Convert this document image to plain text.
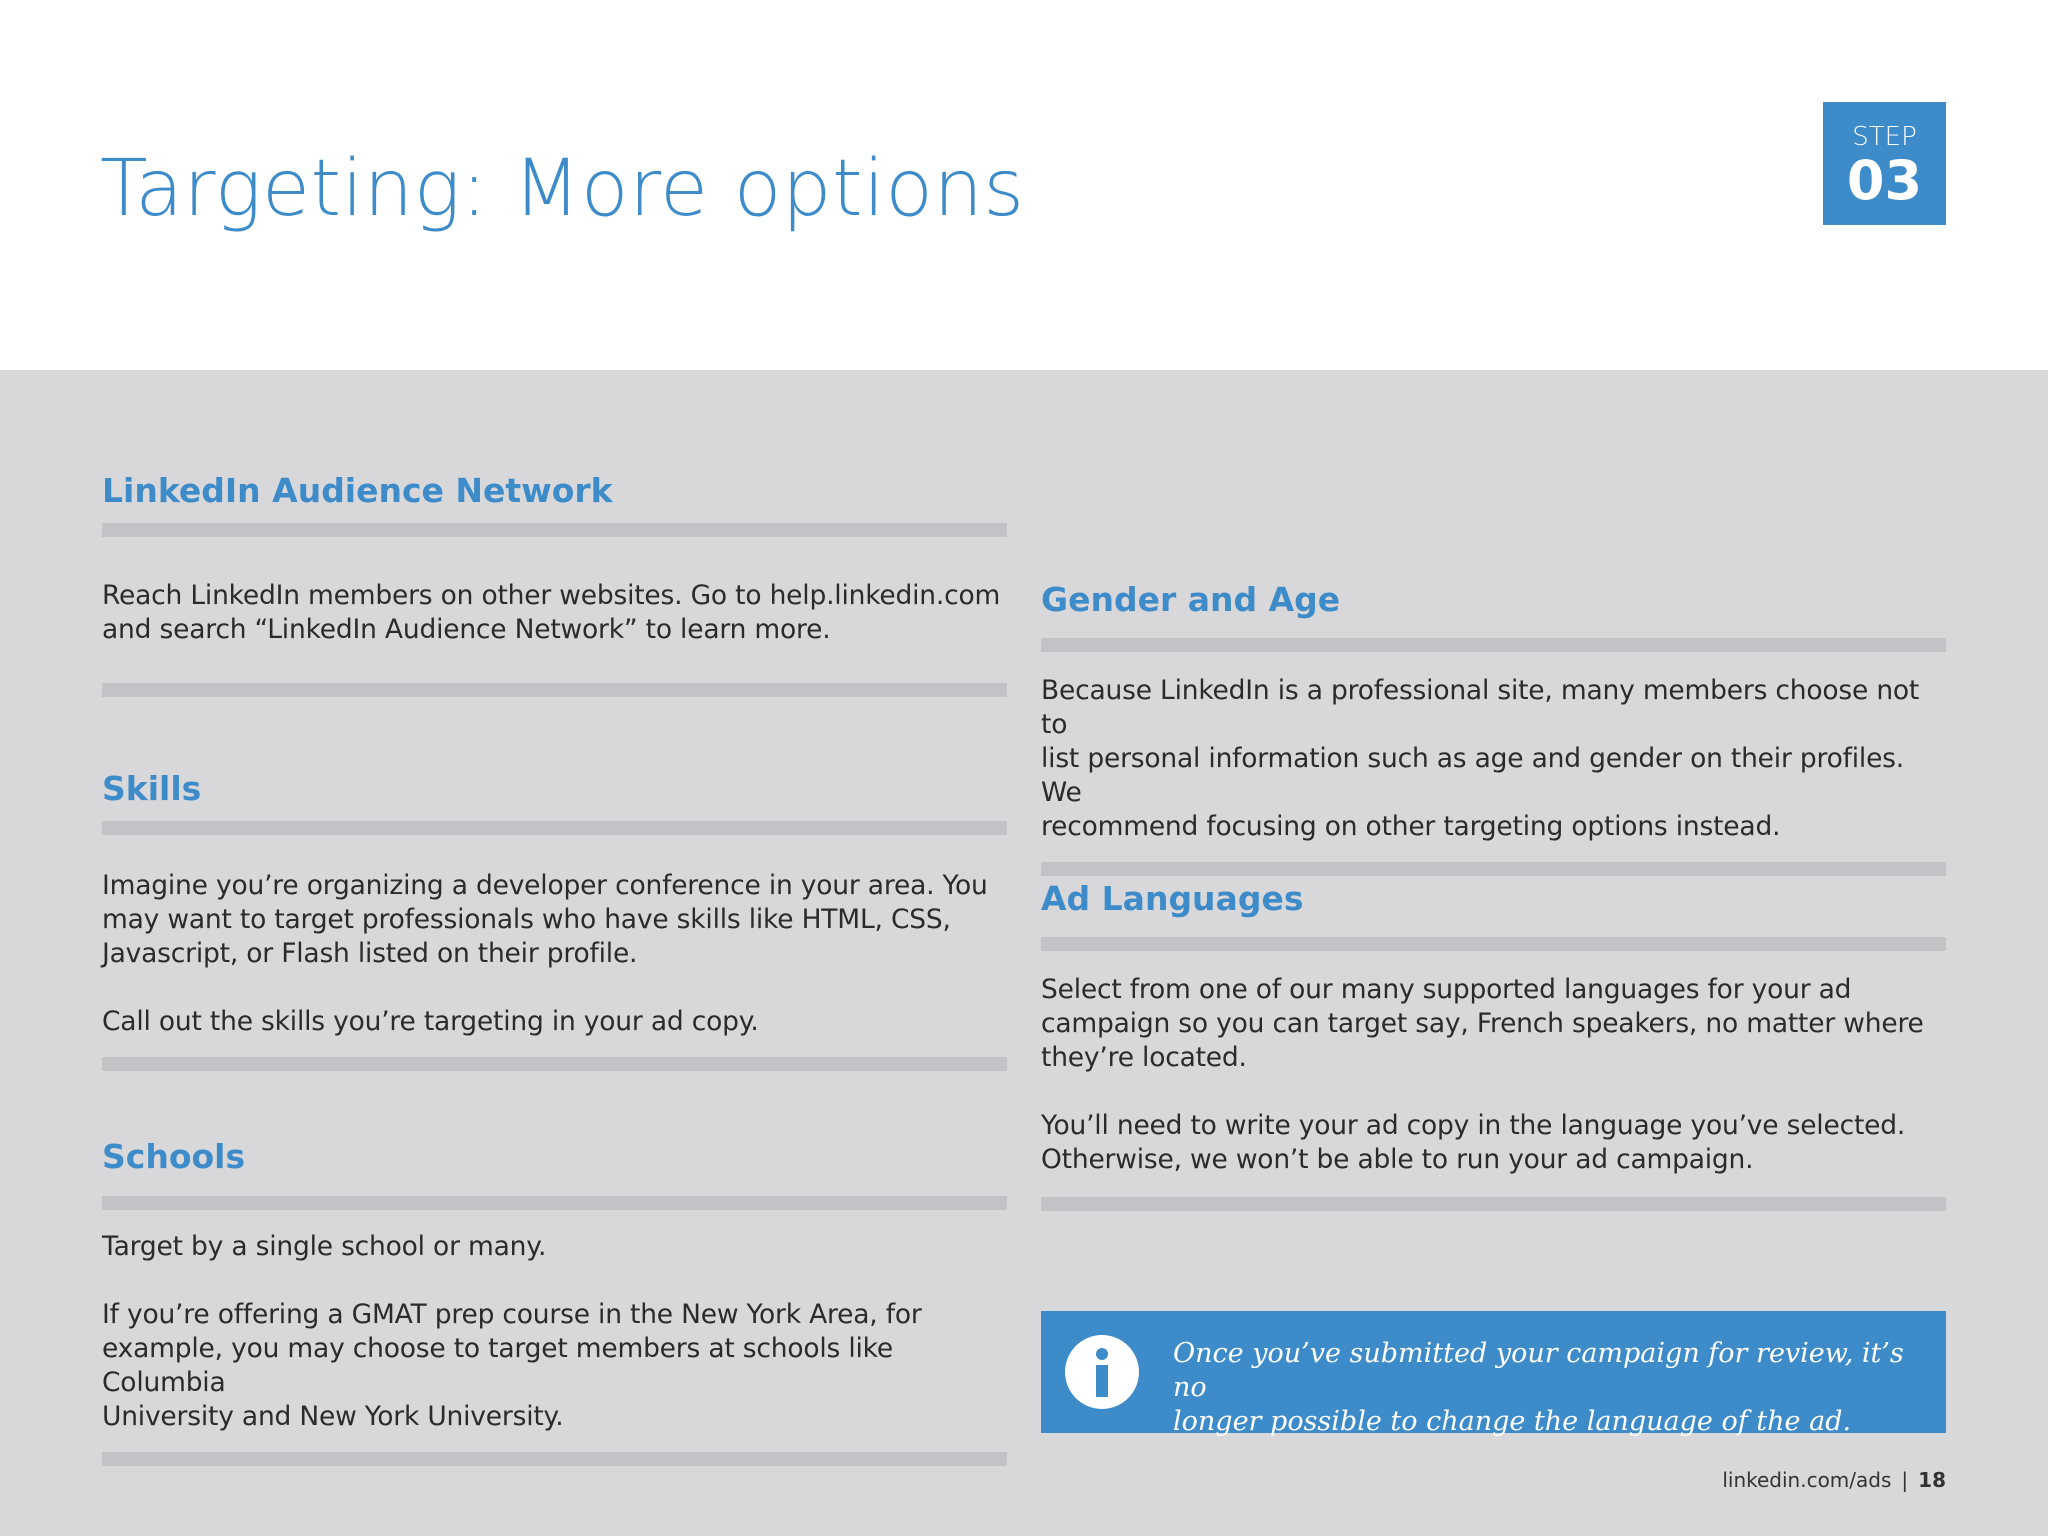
Targeting: More options
STEP
03
LinkedIn Audience Network
Reach LinkedIn members on other websites. Go to help.linkedin.com
and search “LinkedIn Audience Network” to learn more.
Skills
Imagine you’re organizing a developer conference in your area. You
may want to target professionals who have skills like HTML, CSS,
Javascript, or Flash listed on their profile.
Call out the skills you’re targeting in your ad copy.
Schools
Target by a single school or many.
If you’re offering a GMAT prep course in the New York Area, for
example, you may choose to target members at schools like Columbia
University and New York University.
Gender and Age
Because LinkedIn is a professional site, many members choose not to
list personal information such as age and gender on their profiles. We
recommend focusing on other targeting options instead.
Ad Languages
Select from one of our many supported languages for your ad
campaign so you can target say, French speakers, no matter where
they’re located.
You’ll need to write your ad copy in the language you’ve selected.
Otherwise, we won’t be able to run your ad campaign.
Once you’ve submitted your campaign for review, it’s no
longer possible to change the language of the ad.
linkedin.com/ads | 18
